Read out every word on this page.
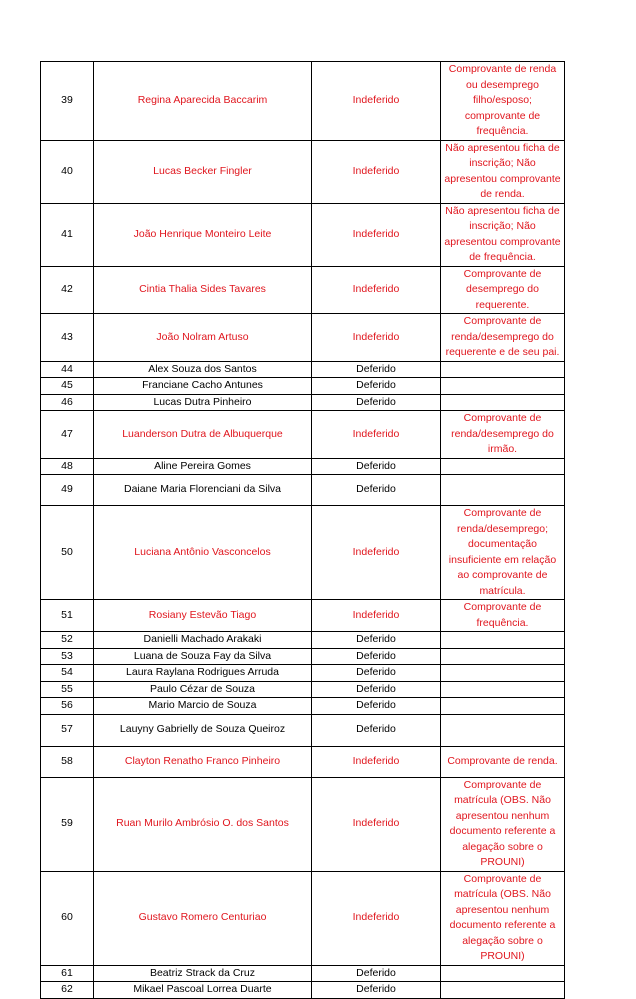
39	Regina Aparecida Baccarim	Indeferido	Comprovante de renda ou desemprego filho/esposo; comprovante de frequência.
40	Lucas Becker Fingler	Indeferido	Não apresentou ficha de inscrição; Não apresentou comprovante de renda.
41	João Henrique Monteiro Leite	Indeferido	Não apresentou ficha de inscrição; Não apresentou comprovante de frequência.
42	Cintia Thalia Sides Tavares	Indeferido	Comprovante de desemprego do requerente.
43	João Nolram Artuso	Indeferido	Comprovante de renda/desemprego do requerente e de seu pai.
44	Alex Souza dos Santos	Deferido	
45	Franciane Cacho Antunes	Deferido	
46	Lucas Dutra Pinheiro	Deferido	
47	Luanderson Dutra de Albuquerque	Indeferido	Comprovante de renda/desemprego do irmão.
48	Aline Pereira Gomes	Deferido	
49	Daiane Maria Florenciani da Silva	Deferido	
50	Luciana Antônio Vasconcelos	Indeferido	Comprovante de renda/desemprego; documentação insuficiente em relação ao comprovante de matrícula.
51	Rosiany Estevão Tiago	Indeferido	Comprovante de frequência.
52	Danielli Machado Arakaki	Deferido	
53	Luana de Souza Fay da Silva	Deferido	
54	Laura Raylana Rodrigues Arruda	Deferido	
55	Paulo Cézar de Souza	Deferido	
56	Mario Marcio de Souza	Deferido	
57	Lauyny Gabrielly de Souza Queiroz	Deferido	
58	Clayton Renatho Franco Pinheiro	Indeferido	Comprovante de renda.
59	Ruan Murilo Ambrósio O. dos Santos	Indeferido	Comprovante de matrícula (OBS. Não apresentou nenhum documento referente a alegação sobre o PROUNI)
60	Gustavo Romero Centuriao	Indeferido	Comprovante de matrícula (OBS. Não apresentou nenhum documento referente a alegação sobre o PROUNI)
61	Beatriz Strack da Cruz	Deferido	
62	Mikael Pascoal Lorrea Duarte	Deferido	
